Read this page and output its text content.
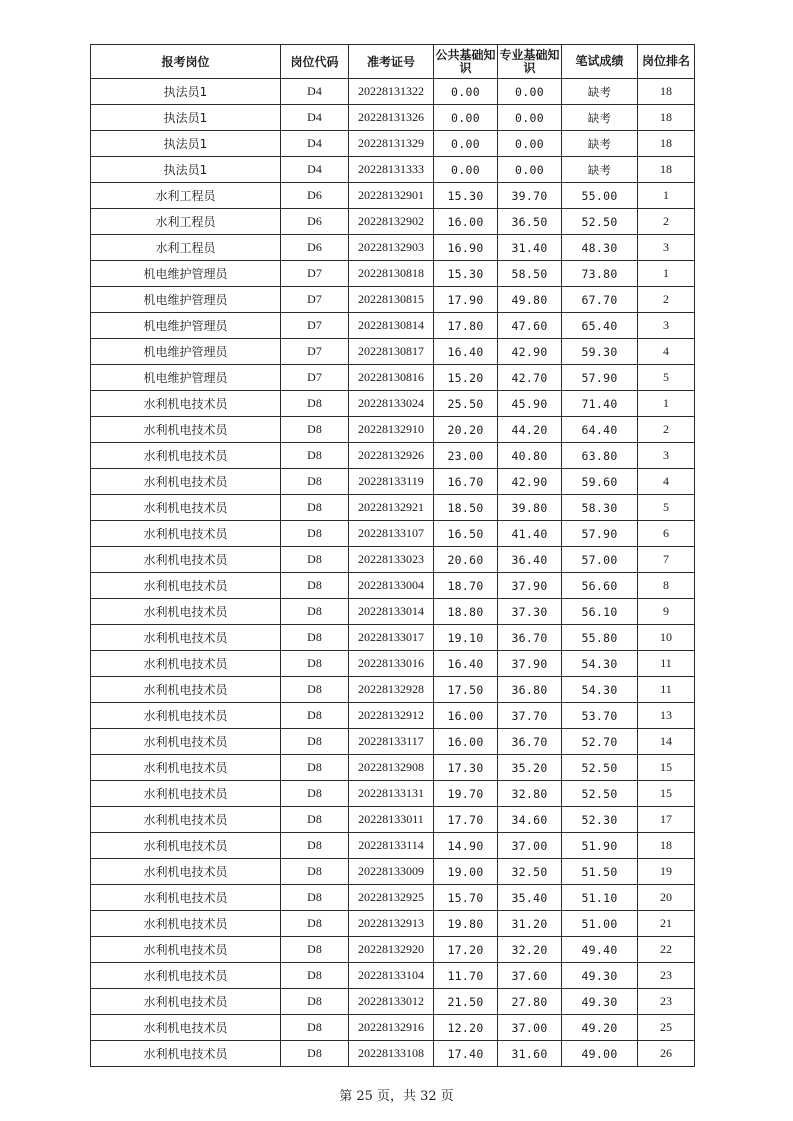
报考岗位	岗位代码	准考证号	公共基础知识	专业基础知识	笔试成绩	岗位排名
执法员1	D4	20228131322	0.00	0.00	缺考	18
执法员1	D4	20228131326	0.00	0.00	缺考	18
执法员1	D4	20228131329	0.00	0.00	缺考	18
执法员1	D4	20228131333	0.00	0.00	缺考	18
水利工程员	D6	20228132901	15.30	39.70	55.00	1
水利工程员	D6	20228132902	16.00	36.50	52.50	2
水利工程员	D6	20228132903	16.90	31.40	48.30	3
机电维护管理员	D7	20228130818	15.30	58.50	73.80	1
机电维护管理员	D7	20228130815	17.90	49.80	67.70	2
机电维护管理员	D7	20228130814	17.80	47.60	65.40	3
机电维护管理员	D7	20228130817	16.40	42.90	59.30	4
机电维护管理员	D7	20228130816	15.20	42.70	57.90	5
水利机电技术员	D8	20228133024	25.50	45.90	71.40	1
水利机电技术员	D8	20228132910	20.20	44.20	64.40	2
水利机电技术员	D8	20228132926	23.00	40.80	63.80	3
水利机电技术员	D8	20228133119	16.70	42.90	59.60	4
水利机电技术员	D8	20228132921	18.50	39.80	58.30	5
水利机电技术员	D8	20228133107	16.50	41.40	57.90	6
水利机电技术员	D8	20228133023	20.60	36.40	57.00	7
水利机电技术员	D8	20228133004	18.70	37.90	56.60	8
水利机电技术员	D8	20228133014	18.80	37.30	56.10	9
水利机电技术员	D8	20228133017	19.10	36.70	55.80	10
水利机电技术员	D8	20228133016	16.40	37.90	54.30	11
水利机电技术员	D8	20228132928	17.50	36.80	54.30	11
水利机电技术员	D8	20228132912	16.00	37.70	53.70	13
水利机电技术员	D8	20228133117	16.00	36.70	52.70	14
水利机电技术员	D8	20228132908	17.30	35.20	52.50	15
水利机电技术员	D8	20228133131	19.70	32.80	52.50	15
水利机电技术员	D8	20228133011	17.70	34.60	52.30	17
水利机电技术员	D8	20228133114	14.90	37.00	51.90	18
水利机电技术员	D8	20228133009	19.00	32.50	51.50	19
水利机电技术员	D8	20228132925	15.70	35.40	51.10	20
水利机电技术员	D8	20228132913	19.80	31.20	51.00	21
水利机电技术员	D8	20228132920	17.20	32.20	49.40	22
水利机电技术员	D8	20228133104	11.70	37.60	49.30	23
水利机电技术员	D8	20228133012	21.50	27.80	49.30	23
水利机电技术员	D8	20228132916	12.20	37.00	49.20	25
水利机电技术员	D8	20228133108	17.40	31.60	49.00	26
第 25 页，共 32 页
